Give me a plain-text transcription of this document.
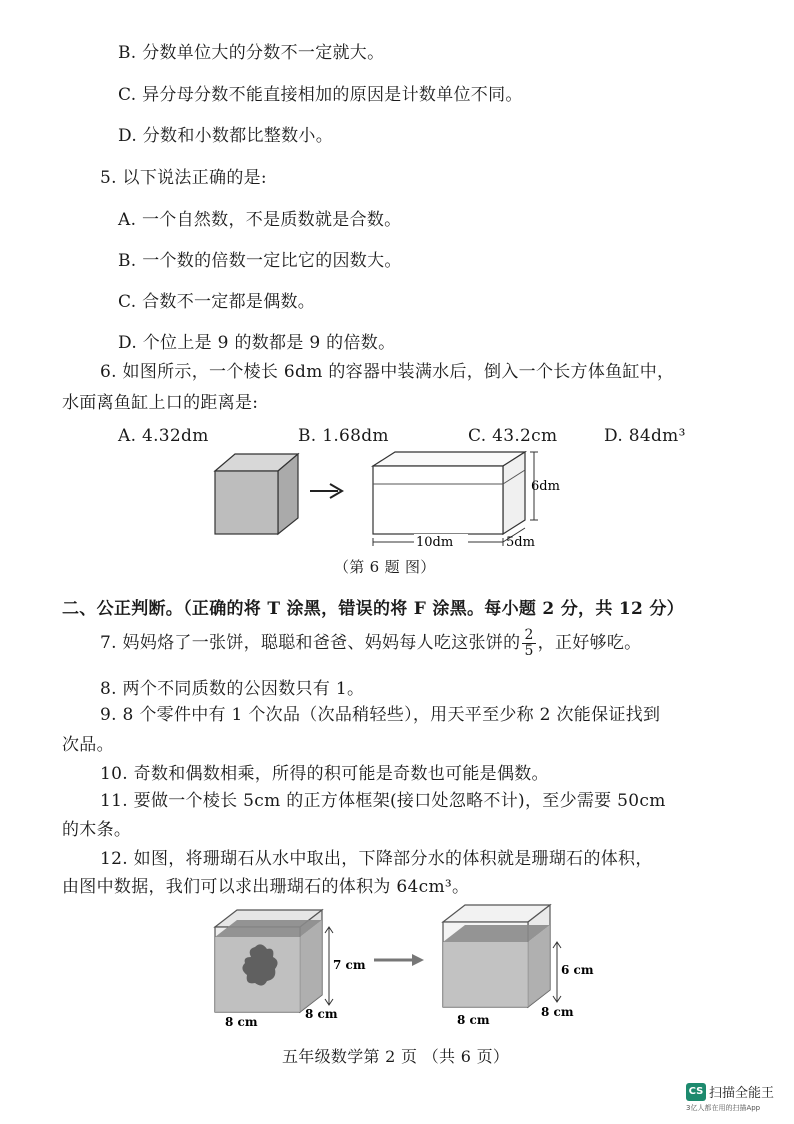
B. 分数单位大的分数不一定就大。
C. 异分母分数不能直接相加的原因是计数单位不同。
D. 分数和小数都比整数小。
5. 以下说法正确的是:
A. 一个自然数，不是质数就是合数。
B. 一个数的倍数一定比它的因数大。
C. 合数不一定都是偶数。
D. 个位上是 9 的数都是 9 的倍数。
6. 如图所示，一个棱长 6dm 的容器中装满水后，倒入一个长方体鱼缸中，
水面离鱼缸上口的距离是:
A. 4.32dm	B. 1.68dm	C. 43.2cm	D. 84dm³
6dm
10dm	5dm
（第 6 题 图）
二、公正判断。（正确的将 T 涂黑，错误的将 F 涂黑。每小题 2 分，共 12 分）
7. 妈妈烙了一张饼，聪聪和爸爸、妈妈每人吃这张饼的 $\frac{2}{5}$ ，正好够吃。
8. 两个不同质数的公因数只有 1。
9. 8 个零件中有 1 个次品（次品稍轻些），用天平至少称 2 次能保证找到
次品。
10. 奇数和偶数相乘，所得的积可能是奇数也可能是偶数。
11. 要做一个棱长 5cm 的正方体框架(接口处忽略不计)，至少需要 50cm
的木条。
12. 如图，将珊瑚石从水中取出，下降部分水的体积就是珊瑚石的体积，
由图中数据，我们可以求出珊瑚石的体积为 64cm³。
7 cm
8 cm
8 cm
6 cm
8 cm
8 cm
五年级数学第 2 页 （共 6 页）
CS 扫描全能王
3亿人都在用的扫描App
